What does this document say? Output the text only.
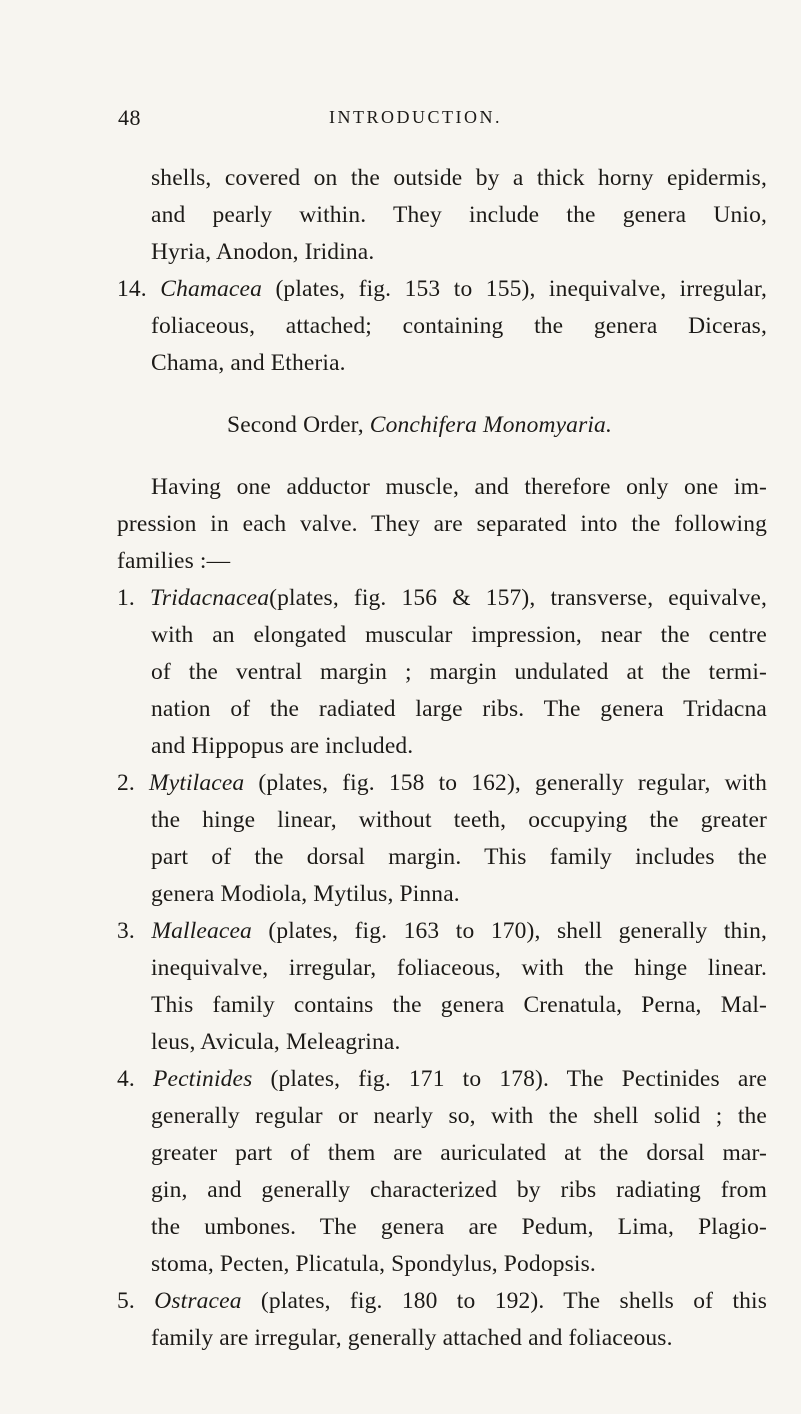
48	INTRODUCTION.
shells, covered on the outside by a thick horny epidermis,
and pearly within. They include the genera Unio,
Hyria, Anodon, Iridina.
14. Chamacea (plates, fig. 153 to 155), inequivalve, irregular,
foliaceous, attached; containing the genera Diceras,
Chama, and Etheria.
Second Order, Conchifera Monomyaria.
Having one adductor muscle, and therefore only one im-
pression in each valve. They are separated into the following
families :—
1. Tridacnacea(plates, fig. 156 & 157), transverse, equivalve,
with an elongated muscular impression, near the centre
of the ventral margin ; margin undulated at the termi-
nation of the radiated large ribs. The genera Tridacna
and Hippopus are included.
2. Mytilacea (plates, fig. 158 to 162), generally regular, with
the hinge linear, without teeth, occupying the greater
part of the dorsal margin. This family includes the
genera Modiola, Mytilus, Pinna.
3. Malleacea (plates, fig. 163 to 170), shell generally thin,
inequivalve, irregular, foliaceous, with the hinge linear.
This family contains the genera Crenatula, Perna, Mal-
leus, Avicula, Meleagrina.
4. Pectinides (plates, fig. 171 to 178). The Pectinides are
generally regular or nearly so, with the shell solid ; the
greater part of them are auriculated at the dorsal mar-
gin, and generally characterized by ribs radiating from
the umbones. The genera are Pedum, Lima, Plagio-
stoma, Pecten, Plicatula, Spondylus, Podopsis.
5. Ostracea (plates, fig. 180 to 192). The shells of this
family are irregular, generally attached and foliaceous.
